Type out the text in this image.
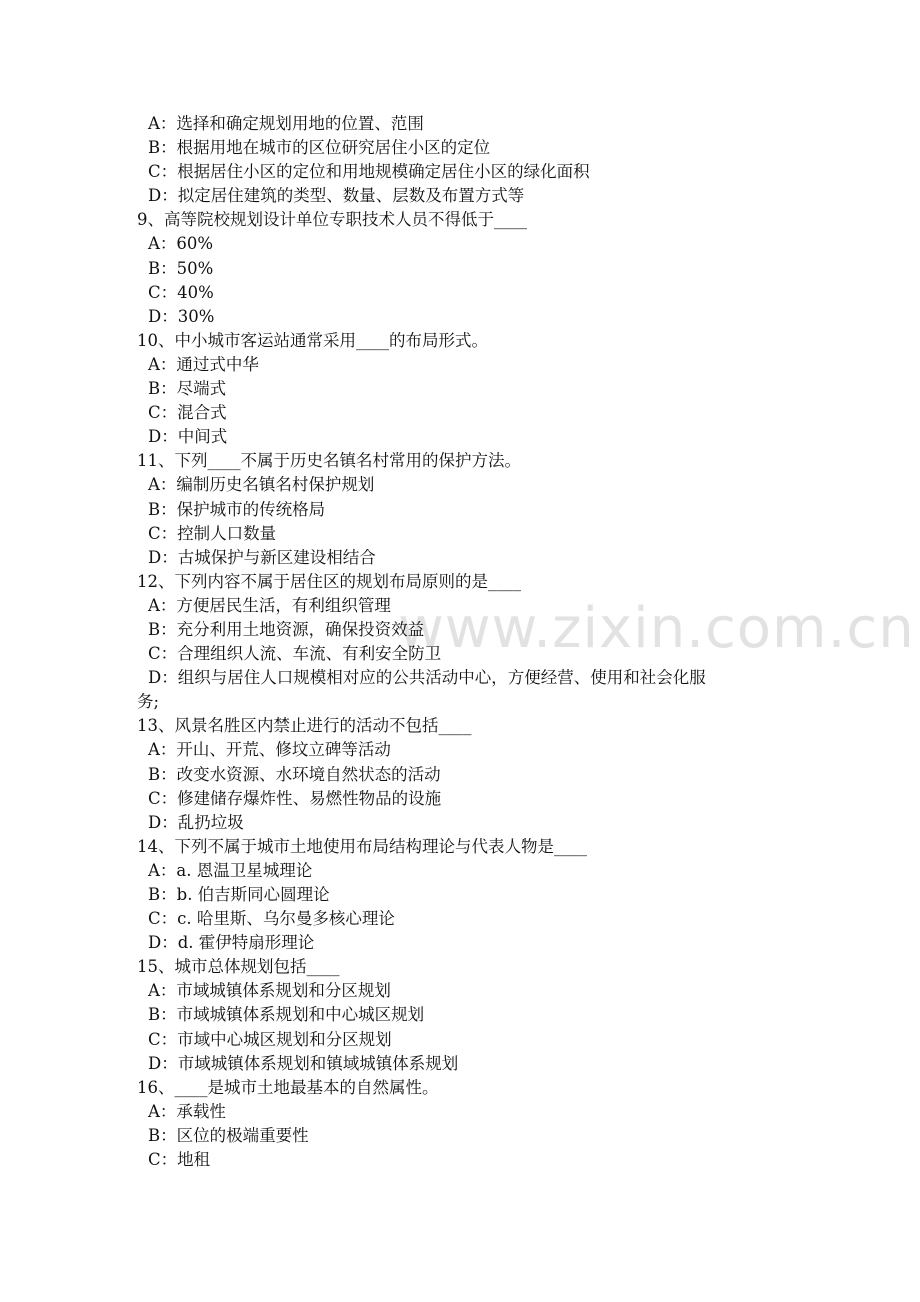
www.zixin.com.cn
A：选择和确定规划用地的位置、范围
B：根据用地在城市的区位研究居住小区的定位
C：根据居住小区的定位和用地规模确定居住小区的绿化面积
D：拟定居住建筑的类型、数量、层数及布置方式等
9、高等院校规划设计单位专职技术人员不得低于____
A：60%
B：50%
C：40%
D：30%
10、中小城市客运站通常采用____的布局形式。
A：通过式中华
B：尽端式
C：混合式
D：中间式
11、下列____不属于历史名镇名村常用的保护方法。
A：编制历史名镇名村保护规划
B：保护城市的传统格局
C：控制人口数量
D：古城保护与新区建设相结合
12、下列内容不属于居住区的规划布局原则的是____
A：方便居民生活，有利组织管理
B：充分利用土地资源，确保投资效益
C：合理组织人流、车流、有利安全防卫
D：组织与居住人口规模相对应的公共活动中心，方便经营、使用和社会化服
务;
13、风景名胜区内禁止进行的活动不包括____
A：开山、开荒、修坟立碑等活动
B：改变水资源、水环境自然状态的活动
C：修建储存爆炸性、易燃性物品的设施
D：乱扔垃圾
14、下列不属于城市土地使用布局结构理论与代表人物是____
A：a. 恩温卫星城理论
B：b. 伯吉斯同心圆理论
C：c. 哈里斯、乌尔曼多核心理论
D：d. 霍伊特扇形理论
15、城市总体规划包括____
A：市域城镇体系规划和分区规划
B：市域城镇体系规划和中心城区规划
C：市域中心城区规划和分区规划
D：市域城镇体系规划和镇域城镇体系规划
16、____是城市土地最基本的自然属性。
A：承载性
B：区位的极端重要性
C：地租
